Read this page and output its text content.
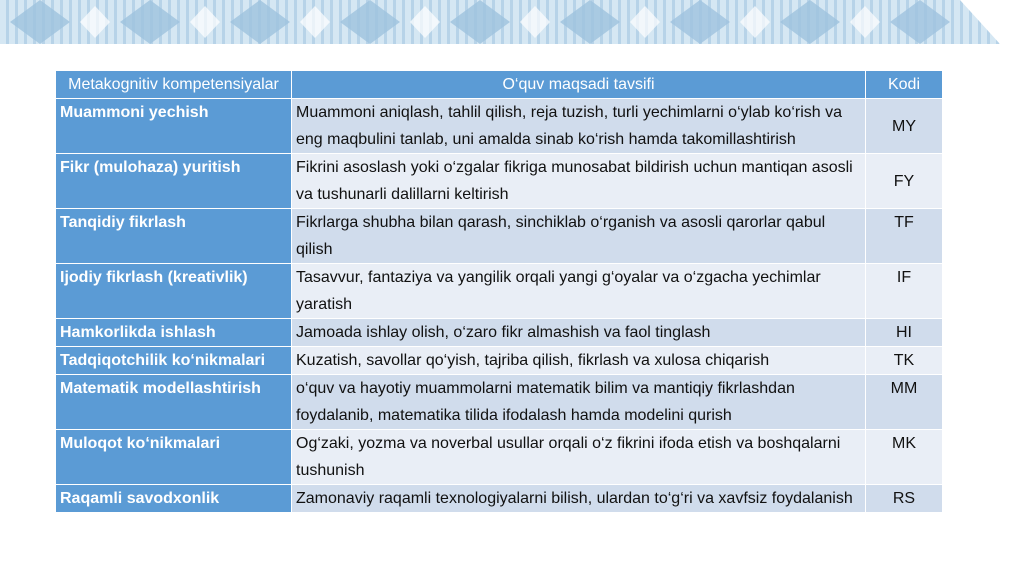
Metakognitiv kompetensiyalar	O‘quv maqsadi tavsifi	Kodi
Muammoni yechish	Muammoni aniqlash, tahlil qilish, reja tuzish, turli yechimlarni o‘ylab ko‘rish va eng maqbulini tanlab, uni amalda sinab ko‘rish hamda takomillashtirish	MY
Fikr (mulohaza) yuritish	Fikrini asoslash yoki o‘zgalar fikriga munosabat bildirish uchun mantiqan asosli va tushunarli dalillarni keltirish	FY
Tanqidiy fikrlash	Fikrlarga shubha bilan qarash, sinchiklab o‘rganish va asosli qarorlar qabul qilish	TF
Ijodiy fikrlash (kreativlik)	Tasavvur, fantaziya va yangilik orqali yangi g‘oyalar va o‘zgacha yechimlar yaratish	IF
Hamkorlikda ishlash	Jamoada ishlay olish, o‘zaro fikr almashish va faol tinglash	HI
Tadqiqotchilik ko‘nikmalari	Kuzatish, savollar qo‘yish, tajriba qilish, fikrlash va xulosa chiqarish	TK
Matematik modellashtirish	o‘quv va hayotiy muammolarni matematik bilim va mantiqiy fikrlashdan foydalanib, matematika tilida ifodalash hamda modelini qurish	MM
Muloqot ko‘nikmalari	Og‘zaki, yozma va noverbal usullar orqali o‘z fikrini ifoda etish va boshqalarni tushunish	MK
Raqamli savodxonlik	Zamonaviy raqamli texnologiyalarni bilish, ulardan to‘g‘ri va xavfsiz foydalanish	RS
